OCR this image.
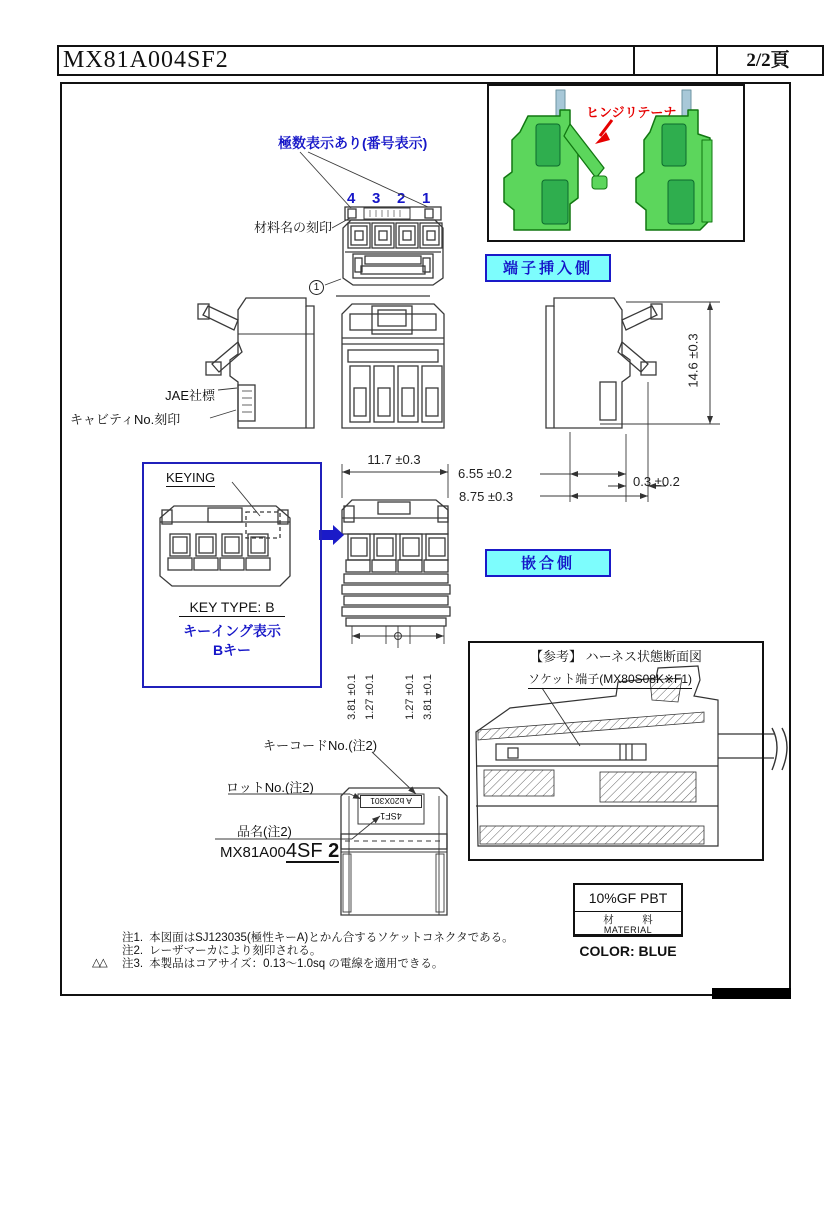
MX81A004SF2	2/2頁
極数表示あり(番号表示)
4 3 2 1
材料名の刻印
1
JAE社標
キャビティNo.刻印
端子挿入側
嵌合側
ヒンジリテーナ
KEYING
KEY TYPE: B
キーイング表示
Bキー
11.7 ±0.3
6.55 ±0.2
8.75 ±0.3
0.3 ±0.2
14.6 ±0.3
3.81 ±0.1 1.27 ±0.1	1.27 ±0.1 3.81 ±0.1
【参考】 ハーネス状態断面図
ソケット端子(MX80S08K※F1)
キーコードNo.(注2)
ロットNo.(注2)
品名(注2)
MX81A004SF 2
A b20X301
4SF1
注1. 本図面はSJ123035(極性キーA)とかん合するソケットコネクタである。
注2. レーザマーカにより刻印される。
△△	注3. 本製品はコアサイズ：0.13～1.0sq の電線を適用できる。
10%GF PBT
材　料
MATERIAL
COLOR: BLUE
